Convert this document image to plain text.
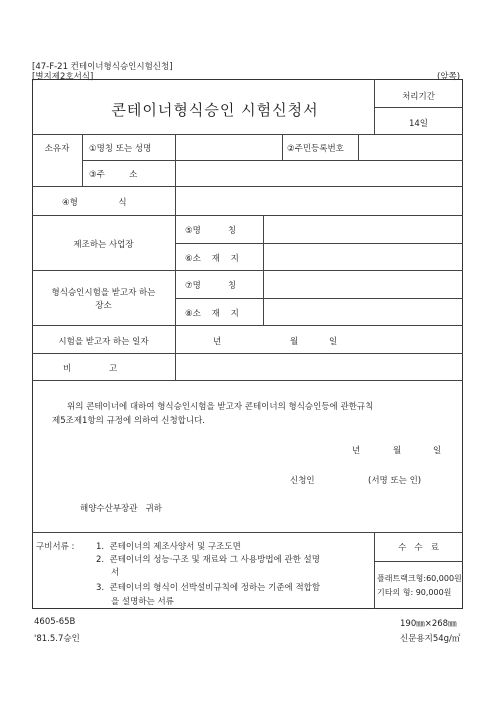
[47-F-21 컨테이너형식승인시험신청]
[별지제2호서식]	(앞쪽)
콘테이너형식승인 시험신청서
처리기간
14일
소유자	①명칭 또는 성명	②주민등록번호
③주         소
④형               식
제조하는 사업장
⑤명          칭
⑥소    재    지
형식승인시험을 받고자 하는
장소
⑦명          칭
⑧소    재    지
시험을 받고자 하는 일자	년	월	일
비              고
위의 콘테이너에 대하여 형식승인시험을 받고자 콘테이너의 형식승인등에 관한규칙
제5조제1항의 규정에 의하여 신청합니다.
년	월	일
신청인	(서명 또는 인)
해양수산부장관   귀하
구비서류 :	1.  콘테이너의 제조사양서 및 구조도면
2.  콘테이너의 성능·구조 및 재료와 그 사용방법에 관한 설명
서
3.  콘테이너의 형식이 선박설비규칙에 정하는 기준에 적합함
을 설명하는 서류
수   수   료
플래트랙크형:60,000원
기타의 형: 90,000원
4605-65B
'81.5.7승인
190㎜×268㎜
신문용지54g/㎡
